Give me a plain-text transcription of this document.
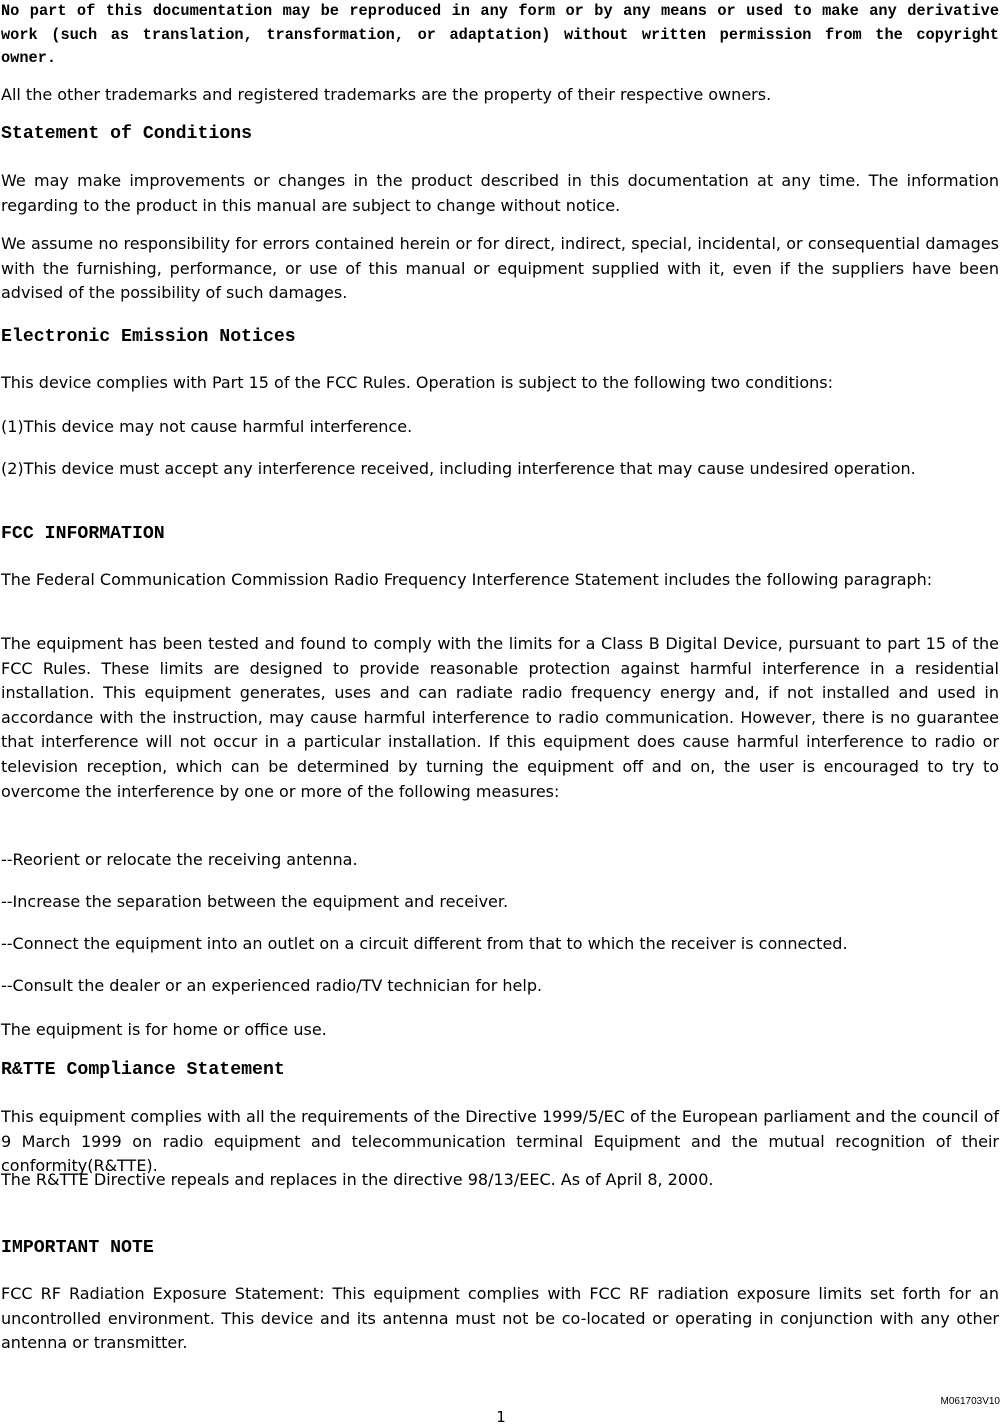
No part of this documentation may be reproduced in any form or by any means or used to make any derivative work (such as translation, transformation, or adaptation) without written permission from the copyright owner.

All the other trademarks and registered trademarks are the property of their respective owners.

Statement of Conditions

We may make improvements or changes in the product described in this documentation at any time. The information regarding to the product in this manual are subject to change without notice.

We assume no responsibility for errors contained herein or for direct, indirect, special, incidental, or consequential damages with the furnishing, performance, or use of this manual or equipment supplied with it, even if the suppliers have been advised of the possibility of such damages.

Electronic Emission Notices

This device complies with Part 15 of the FCC Rules. Operation is subject to the following two conditions:

(1)This device may not cause harmful interference.

(2)This device must accept any interference received, including interference that may cause undesired operation.

FCC INFORMATION

The Federal Communication Commission Radio Frequency Interference Statement includes the following paragraph:

The equipment has been tested and found to comply with the limits for a Class B Digital Device, pursuant to part 15 of the FCC Rules. These limits are designed to provide reasonable protection against harmful interference in a residential installation. This equipment generates, uses and can radiate radio frequency energy and, if not installed and used in accordance with the instruction, may cause harmful interference to radio communication. However, there is no guarantee that interference will not occur in a particular installation. If this equipment does cause harmful interference to radio or television reception, which can be determined by turning the equipment off and on, the user is encouraged to try to overcome the interference by one or more of the following measures:

--Reorient or relocate the receiving antenna.

--Increase the separation between the equipment and receiver.

--Connect the equipment into an outlet on a circuit different from that to which the receiver is connected.

--Consult the dealer or an experienced radio/TV technician for help.

The equipment is for home or office use.

R&TTE Compliance Statement

This equipment complies with all the requirements of the Directive 1999/5/EC of the European parliament and the council of 9 March 1999 on radio equipment and telecommunication terminal Equipment and the mutual recognition of their conformity(R&TTE).

The R&TTE Directive repeals and replaces in the directive 98/13/EEC. As of April 8, 2000.

IMPORTANT NOTE

FCC RF Radiation Exposure Statement: This equipment complies with FCC RF radiation exposure limits set forth for an uncontrolled environment. This device and its antenna must not be co-located or operating in conjunction with any other antenna or transmitter.

M061703V10
1
